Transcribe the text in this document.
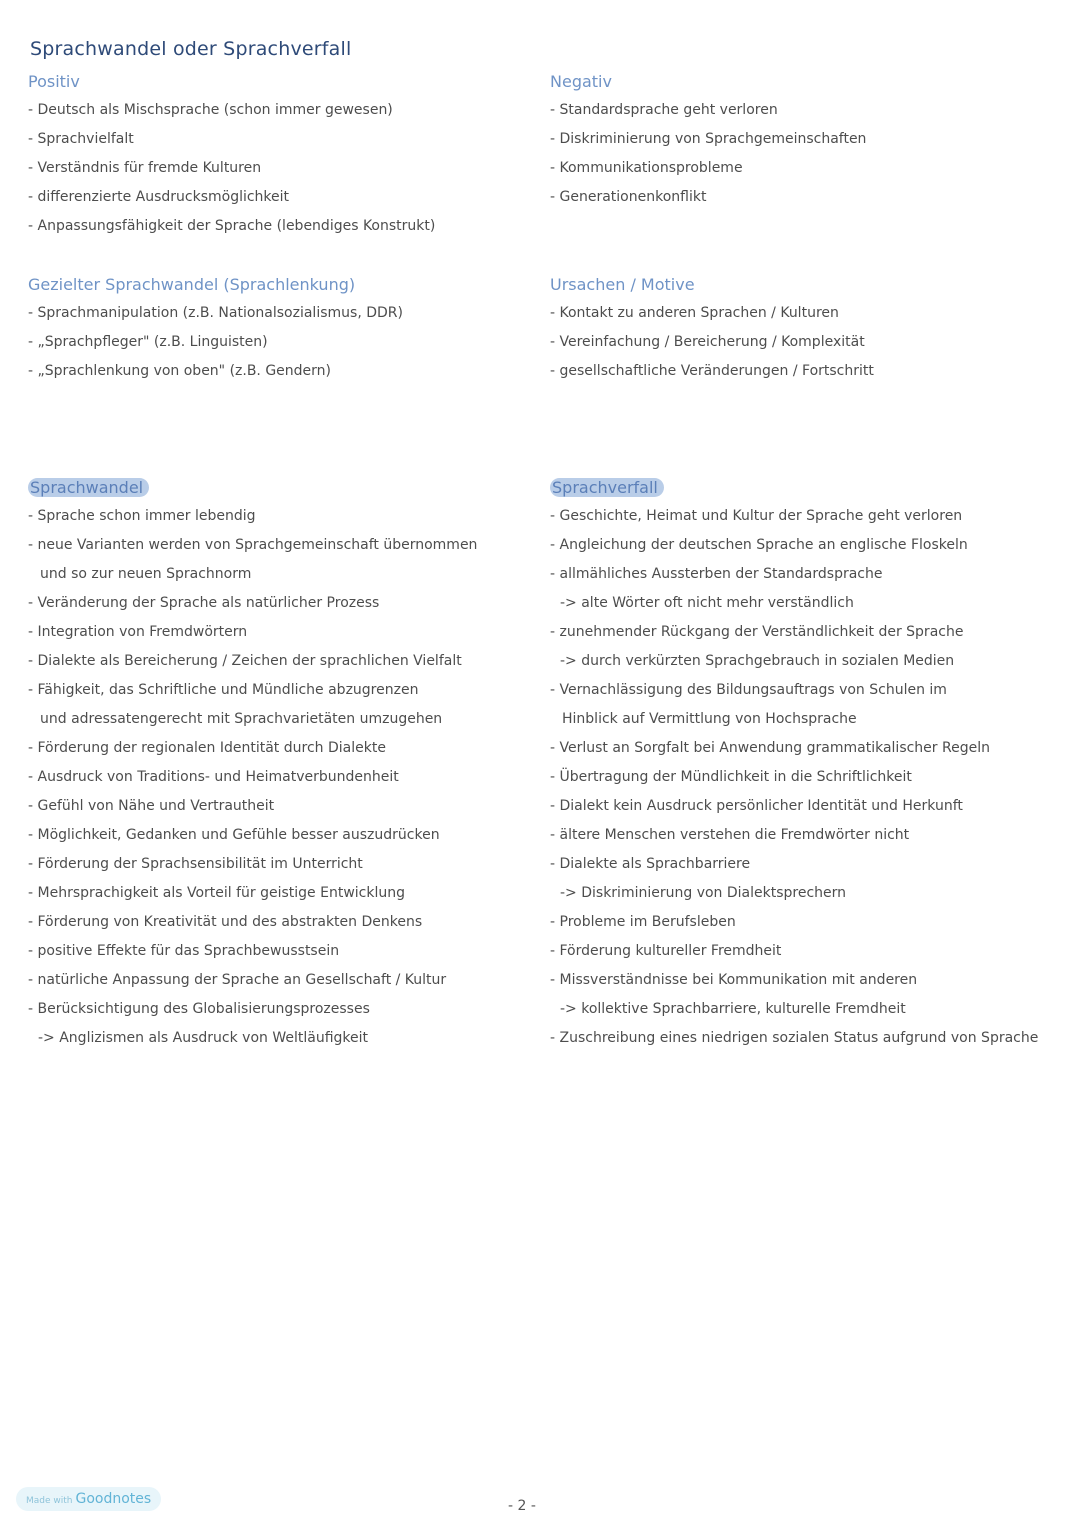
Sprachwandel oder Sprachverfall
Positiv
- Deutsch als Mischsprache (schon immer gewesen)
- Sprachvielfalt
- Verständnis für fremde Kulturen
- differenzierte Ausdrucksmöglichkeit
- Anpassungsfähigkeit der Sprache (lebendiges Konstrukt)
Negativ
- Standardsprache geht verloren
- Diskriminierung von Sprachgemeinschaften
- Kommunikationsprobleme
- Generationenkonflikt
Gezielter Sprachwandel (Sprachlenkung)
- Sprachmanipulation (z.B. Nationalsozialismus, DDR)
- „Sprachpfleger" (z.B. Linguisten)
- „Sprachlenkung von oben" (z.B. Gendern)
Ursachen / Motive
- Kontakt zu anderen Sprachen / Kulturen
- Vereinfachung / Bereicherung / Komplexität
- gesellschaftliche Veränderungen / Fortschritt
Sprachwandel
- Sprache schon immer lebendig
- neue Varianten werden von Sprachgemeinschaft übernommen
und so zur neuen Sprachnorm
- Veränderung der Sprache als natürlicher Prozess
- Integration von Fremdwörtern
- Dialekte als Bereicherung / Zeichen der sprachlichen Vielfalt
- Fähigkeit, das Schriftliche und Mündliche abzugrenzen
und adressatengerecht mit Sprachvarietäten umzugehen
- Förderung der regionalen Identität durch Dialekte
- Ausdruck von Traditions- und Heimatverbundenheit
- Gefühl von Nähe und Vertrautheit
- Möglichkeit, Gedanken und Gefühle besser auszudrücken
- Förderung der Sprachsensibilität im Unterricht
- Mehrsprachigkeit als Vorteil für geistige Entwicklung
- Förderung von Kreativität und des abstrakten Denkens
- positive Effekte für das Sprachbewusstsein
- natürliche Anpassung der Sprache an Gesellschaft / Kultur
- Berücksichtigung des Globalisierungsprozesses
-> Anglizismen als Ausdruck von Weltläufigkeit
Sprachverfall
- Geschichte, Heimat und Kultur der Sprache geht verloren
- Angleichung der deutschen Sprache an englische Floskeln
- allmähliches Aussterben der Standardsprache
-> alte Wörter oft nicht mehr verständlich
- zunehmender Rückgang der Verständlichkeit der Sprache
-> durch verkürzten Sprachgebrauch in sozialen Medien
- Vernachlässigung des Bildungsauftrags von Schulen im
Hinblick auf Vermittlung von Hochsprache
- Verlust an Sorgfalt bei Anwendung grammatikalischer Regeln
- Übertragung der Mündlichkeit in die Schriftlichkeit
- Dialekt kein Ausdruck persönlicher Identität und Herkunft
- ältere Menschen verstehen die Fremdwörter nicht
- Dialekte als Sprachbarriere
-> Diskriminierung von Dialektsprechern
- Probleme im Berufsleben
- Förderung kultureller Fremdheit
- Missverständnisse bei Kommunikation mit anderen
-> kollektive Sprachbarriere, kulturelle Fremdheit
- Zuschreibung eines niedrigen sozialen Status aufgrund von Sprache
Made with Goodnotes	- 2 -
